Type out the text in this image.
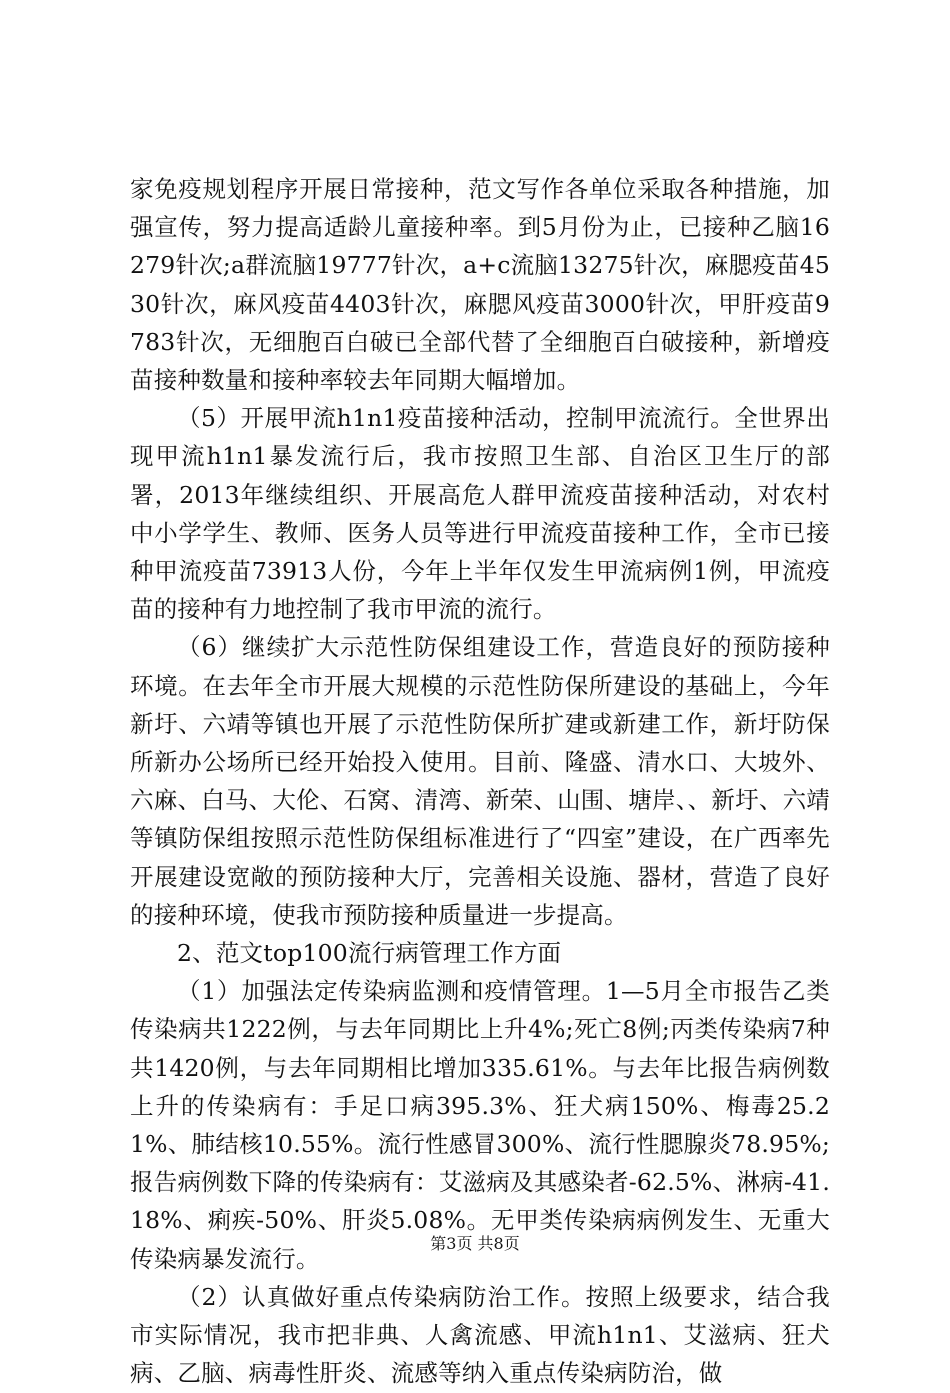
家免疫规划程序开展日常接种，范文写作各单位采取各种措施，加强宣传，努力提高适龄儿童接种率。到5月份为止，已接种乙脑16279针次;a群流脑19777针次，a+c流脑13275针次，麻腮疫苗4530针次，麻风疫苗4403针次，麻腮风疫苗3000针次，甲肝疫苗9783针次，无细胞百白破已全部代替了全细胞百白破接种，新增疫苗接种数量和接种率较去年同期大幅增加。

（5）开展甲流h1n1疫苗接种活动，控制甲流流行。全世界出现甲流h1n1暴发流行后，我市按照卫生部、自治区卫生厅的部署，2013年继续组织、开展高危人群甲流疫苗接种活动，对农村中小学学生、教师、医务人员等进行甲流疫苗接种工作，全市已接种甲流疫苗73913人份，今年上半年仅发生甲流病例1例，甲流疫苗的接种有力地控制了我市甲流的流行。

（6）继续扩大示范性防保组建设工作，营造良好的预防接种环境。在去年全市开展大规模的示范性防保所建设的基础上，今年新圩、六靖等镇也开展了示范性防保所扩建或新建工作，新圩防保所新办公场所已经开始投入使用。目前、隆盛、清水口、大坡外、六麻、白马、大伦、石窝、清湾、新荣、山围、塘岸、、新圩、六靖等镇防保组按照示范性防保组标准进行了“四室”建设，在广西率先开展建设宽敞的预防接种大厅，完善相关设施、器材，营造了良好的接种环境，使我市预防接种质量进一步提高。

2、范文top100流行病管理工作方面

（1）加强法定传染病监测和疫情管理。1—5月全市报告乙类传染病共1222例，与去年同期比上升4%;死亡8例;丙类传染病7种共1420例，与去年同期相比增加335.61%。与去年比报告病例数上升的传染病有：手足口病395.3%、狂犬病150%、梅毒25.21%、肺结核10.55%。流行性感冒300%、流行性腮腺炎78.95%;报告病例数下降的传染病有：艾滋病及其感染者-62.5%、淋病-41.18%、痢疾-50%、肝炎5.08%。无甲类传染病病例发生、无重大传染病暴发流行。

（2）认真做好重点传染病防治工作。按照上级要求，结合我市实际情况，我市把非典、人禽流感、甲流h1n1、艾滋病、狂犬病、乙脑、病毒性肝炎、流感等纳入重点传染病防治，做

第3页 共8页
